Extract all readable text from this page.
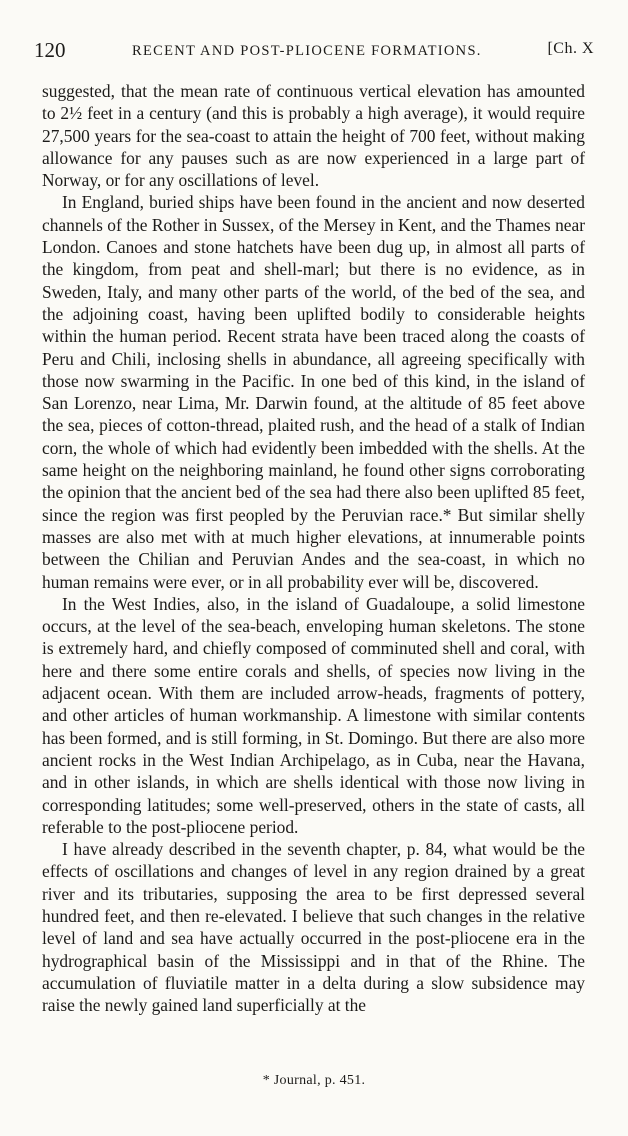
120	RECENT AND POST-PLIOCENE FORMATIONS.	[Ch. X

suggested, that the mean rate of continuous vertical elevation has amounted to 2½ feet in a century (and this is probably a high average), it would require 27,500 years for the sea-coast to attain the height of 700 feet, without making allowance for any pauses such as are now experienced in a large part of Norway, or for any oscillations of level.

In England, buried ships have been found in the ancient and now deserted channels of the Rother in Sussex, of the Mersey in Kent, and the Thames near London. Canoes and stone hatchets have been dug up, in almost all parts of the kingdom, from peat and shell-marl; but there is no evidence, as in Sweden, Italy, and many other parts of the world, of the bed of the sea, and the adjoining coast, having been uplifted bodily to considerable heights within the human period. Recent strata have been traced along the coasts of Peru and Chili, inclosing shells in abundance, all agreeing specifically with those now swarming in the Pacific. In one bed of this kind, in the island of San Lorenzo, near Lima, Mr. Darwin found, at the altitude of 85 feet above the sea, pieces of cotton-thread, plaited rush, and the head of a stalk of Indian corn, the whole of which had evidently been imbedded with the shells. At the same height on the neighboring mainland, he found other signs corroborating the opinion that the ancient bed of the sea had there also been uplifted 85 feet, since the region was first peopled by the Peruvian race.* But similar shelly masses are also met with at much higher elevations, at innumerable points between the Chilian and Peruvian Andes and the sea-coast, in which no human remains were ever, or in all probability ever will be, discovered.

In the West Indies, also, in the island of Guadaloupe, a solid limestone occurs, at the level of the sea-beach, enveloping human skeletons. The stone is extremely hard, and chiefly composed of comminuted shell and coral, with here and there some entire corals and shells, of species now living in the adjacent ocean. With them are included arrow-heads, fragments of pottery, and other articles of human workmanship. A limestone with similar contents has been formed, and is still forming, in St. Domingo. But there are also more ancient rocks in the West Indian Archipelago, as in Cuba, near the Havana, and in other islands, in which are shells identical with those now living in corresponding latitudes; some well-preserved, others in the state of casts, all referable to the post-pliocene period.

I have already described in the seventh chapter, p. 84, what would be the effects of oscillations and changes of level in any region drained by a great river and its tributaries, supposing the area to be first depressed several hundred feet, and then re-elevated. I believe that such changes in the relative level of land and sea have actually occurred in the post-pliocene era in the hydrographical basin of the Mississippi and in that of the Rhine. The accumulation of fluviatile matter in a delta during a slow subsidence may raise the newly gained land superficially at the

* Journal, p. 451.
